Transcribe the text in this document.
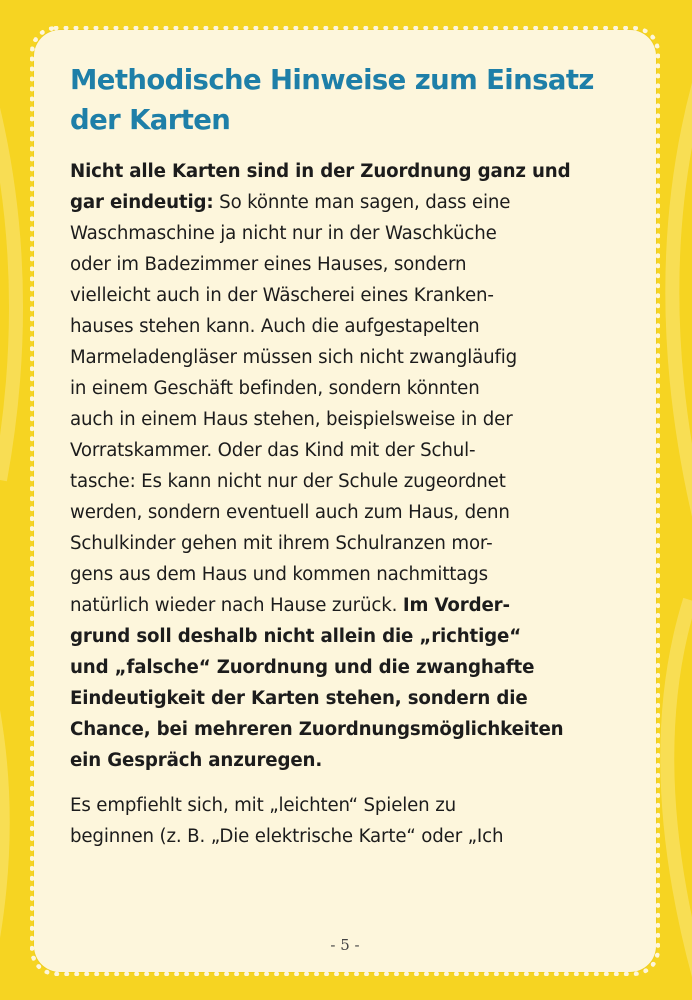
Methodische Hinweise zum Einsatz
der Karten
Nicht alle Karten sind in der Zuordnung ganz und
gar eindeutig: So könnte man sagen, dass eine
Waschmaschine ja nicht nur in der Waschküche
oder im Badezimmer eines Hauses, sondern
vielleicht auch in der Wäscherei eines Kranken-
hauses stehen kann. Auch die aufgestapelten
Marmeladengläser müssen sich nicht zwangläufig
in einem Geschäft befinden, sondern könnten
auch in einem Haus stehen, beispielsweise in der
Vorratskammer. Oder das Kind mit der Schul-
tasche: Es kann nicht nur der Schule zugeordnet
werden, sondern eventuell auch zum Haus, denn
Schulkinder gehen mit ihrem Schulranzen mor-
gens aus dem Haus und kommen nachmittags
natürlich wieder nach Hause zurück. Im Vorder-
grund soll deshalb nicht allein die „richtige“
und „falsche“ Zuordnung und die zwanghafte
Eindeutigkeit der Karten stehen, sondern die
Chance, bei mehreren Zuordnungsmöglichkeiten
ein Gespräch anzuregen.
Es empfiehlt sich, mit „leichten“ Spielen zu
beginnen (z. B. „Die elektrische Karte“ oder „Ich
- 5 -
